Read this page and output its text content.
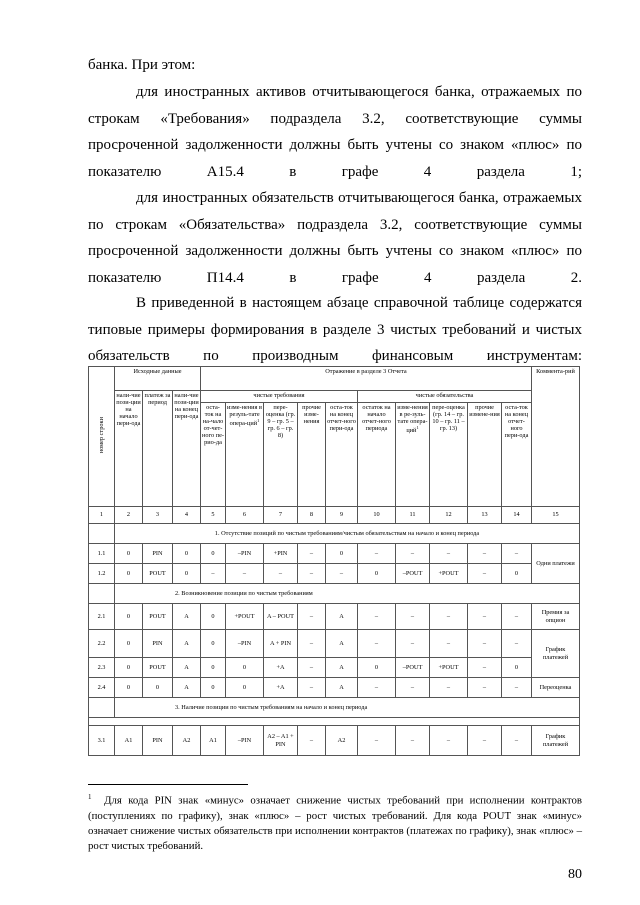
банка. При этом:

для иностранных активов отчитывающегося банка, отражаемых по строкам «Требования» подраздела 3.2, соответствующие суммы просроченной задолженности должны быть учтены со знаком «плюс» по показателю А15.4 в графе 4 раздела 1;

для иностранных обязательств отчитывающегося банка, отражаемых по строкам «Обязательства» подраздела 3.2, соответствующие суммы просроченной задолженности должны быть учтены со знаком «плюс» по показателю П14.4 в графе 4 раздела 2.

В приведенной в настоящем абзаце справочной таблице содержатся типовые примеры формирования в разделе 3 чистых требований и чистых обязательств по производным финансовым инструментам:

номер строки	Исходные данные			Отражение в разделе 3 Отчета										Коммента-рий
	нали-чие пози-ции на начало пери-ода	платеж за период	нали-чие пози-ции на конец пери-ода	чистые требования					чистые обязательства					
				оста-ток на на-чало от-чет-ного пе-рио-да	изме-нения в резуль-тате опера-ций$^1$	пере-оценка (гр. 9 – гр. 5 – гр. 6 – гр. 8)	прочие изме-нения	оста-ток на конец отчет-ного пери-ода	остаток на начало отчет-ного периода	изме-нения в ре-зуль-тате опера-ций$^1$	пере-оценка (гр. 14 – гр. 10 – гр. 11 – гр. 13)	прочие измене-ния	оста-ток на конец отчет-ного пери-ода	
1	2	3	4	5	6	7	8	9	10	11	12	13	14	15
	1. Отсутствие позиций по чистым требованиям/чистым обязательствам на начало и конец периода													
1.1	0	PIN	0	0	–PIN	+PIN	–	0	–	–	–	–	–	Одни платежи
1.2	0	POUT	0	–	–	–	–	–	0	–POUT	+POUT	–	0	
	2. Возникновение позиции по чистым требованиям													
2.1	0	POUT	A	0	+POUT	A – POUT	–	A	–	–	–	–	–	Премия за опцион
2.2	0	PIN	A	0	–PIN	A + PIN	–	A	–	–	–	–	–	График платежей
2.3	0	POUT	A	0	0	+A	–	A	0	–POUT	+POUT	–	0	
2.4	0	0	A	0	0	+A	–	A	–	–	–	–	–	Переоценка
	3. Наличие позиции по чистым требованиям на начало и конец периода													

3.1	A1	PIN	A2	A1	–PIN	A2 – A1 + PIN	–	A2	–	–	–	–	–	График платежей

$^1$ Для кода PIN знак «минус» означает снижение чистых требований при исполнении контрактов (поступлениях по графику), знак «плюс» – рост чистых требований. Для кода POUT знак «минус» означает снижение чистых обязательств при исполнении контрактов (платежах по графику), знак «плюс» – рост чистых требований.

80
